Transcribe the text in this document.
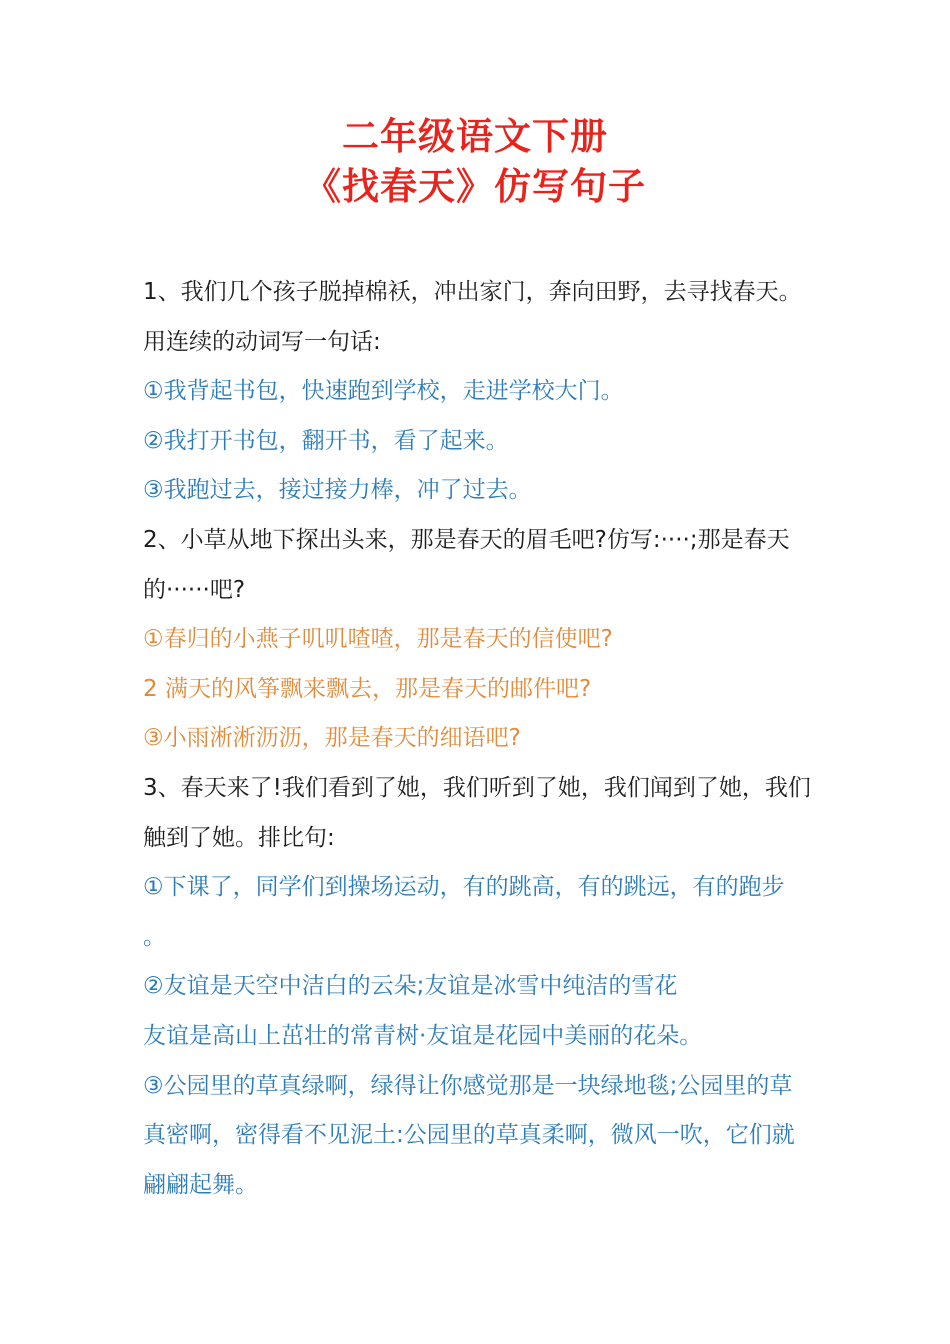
二年级语文下册
《找春天》仿写句子

1、我们几个孩子脱掉棉袄，冲出家门，奔向田野，去寻找春天。

用连续的动词写一句话:

①我背起书包，快速跑到学校，走进学校大门。

②我打开书包，翻开书，看了起来。

③我跑过去，接过接力棒，冲了过去。

2、小草从地下探出头来，那是春天的眉毛吧?仿写:····;那是春天

的······吧?

①春归的小燕子叽叽喳喳，那是春天的信使吧?

2 满天的风筝飘来飘去，那是春天的邮件吧?

③小雨淅淅沥沥，那是春天的细语吧?

3、春天来了!我们看到了她，我们听到了她，我们闻到了她，我们

触到了她。排比句:

①下课了，同学们到操场运动，有的跳高，有的跳远，有的跑步

。

②友谊是天空中洁白的云朵;友谊是冰雪中纯洁的雪花

友谊是高山上茁壮的常青树·友谊是花园中美丽的花朵。

③公园里的草真绿啊，绿得让你感觉那是一块绿地毯;公园里的草

真密啊，密得看不见泥土:公园里的草真柔啊，微风一吹，它们就

翩翩起舞。
